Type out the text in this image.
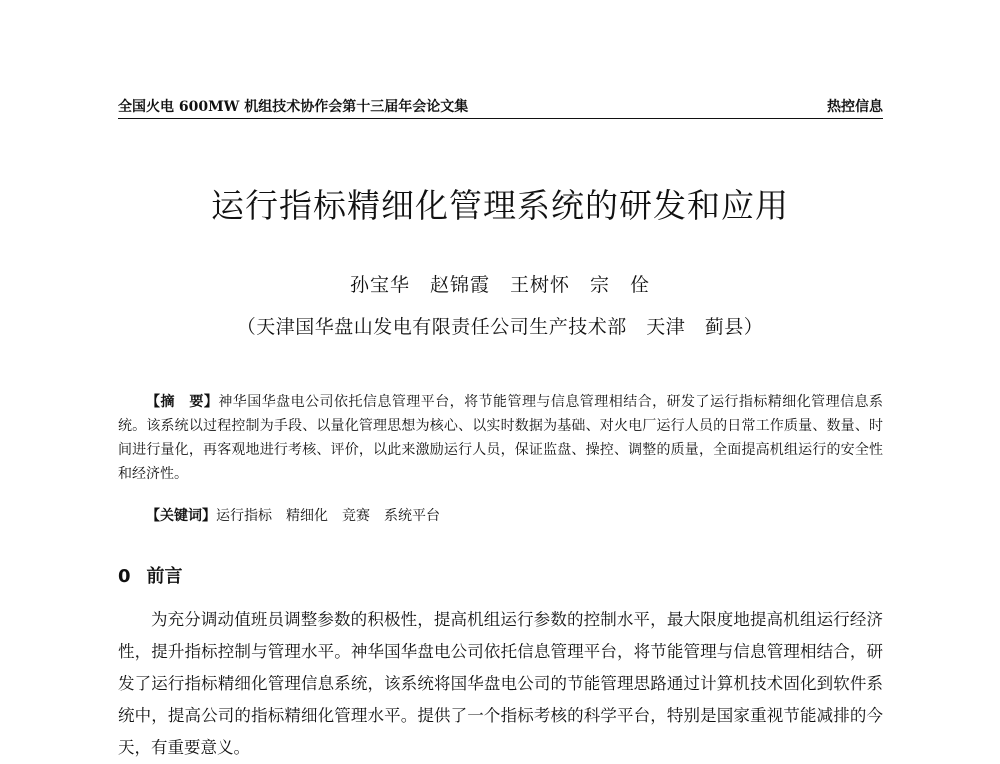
全国火电 600MW 机组技术协作会第十三届年会论文集	热控信息
运行指标精细化管理系统的研发和应用
孙宝华　赵锦霞　王树怀　宗　佺
（天津国华盘山发电有限责任公司生产技术部　天津　蓟县）
【摘　要】神华国华盘电公司依托信息管理平台，将节能管理与信息管理相结合，研发了运行指标精细化管理信息系统。该系统以过程控制为手段、以量化管理思想为核心、以实时数据为基础、对火电厂运行人员的日常工作质量、数量、时间进行量化，再客观地进行考核、评价，以此来激励运行人员，保证监盘、操控、调整的质量，全面提高机组运行的安全性和经济性。
【关键词】运行指标 精细化 竞赛 系统平台
0 前言
为充分调动值班员调整参数的积极性，提高机组运行参数的控制水平，最大限度地提高机组运行经济性，提升指标控制与管理水平。神华国华盘电公司依托信息管理平台，将节能管理与信息管理相结合，研发了运行指标精细化管理信息系统，该系统将国华盘电公司的节能管理思路通过计算机技术固化到软件系统中，提高公司的指标精细化管理水平。提供了一个指标考核的科学平台，特别是国家重视节能减排的今天，有重要意义。
